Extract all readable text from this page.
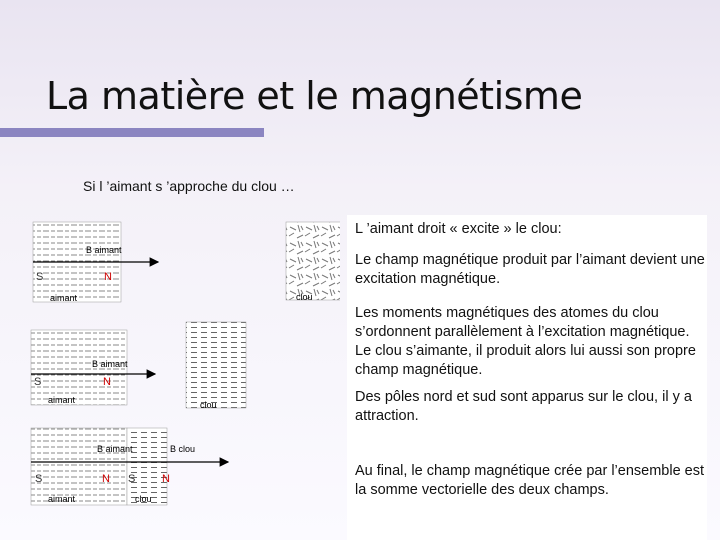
La matière et le magnétisme
Si l ’aimant s ’approche du clou …
L ’aimant droit « excite » le clou:
Le champ magnétique produit par l’aimant devient une excitation magnétique.
Les moments magnétiques des atomes du clou s’ordonnent parallèlement à l’excitation magnétique. Le clou s’aimante, il produit alors lui aussi son propre champ magnétique.
Des pôles nord et sud sont apparus sur le clou, il y a attraction.
Au final, le champ magnétique crée par l’ensemble est la somme vectorielle des deux champs.
B aimant
S	N
aimant	clou
B aimant
S	N
aimant	clou
B aimant	B clou
S	N S N
aimant	clou
